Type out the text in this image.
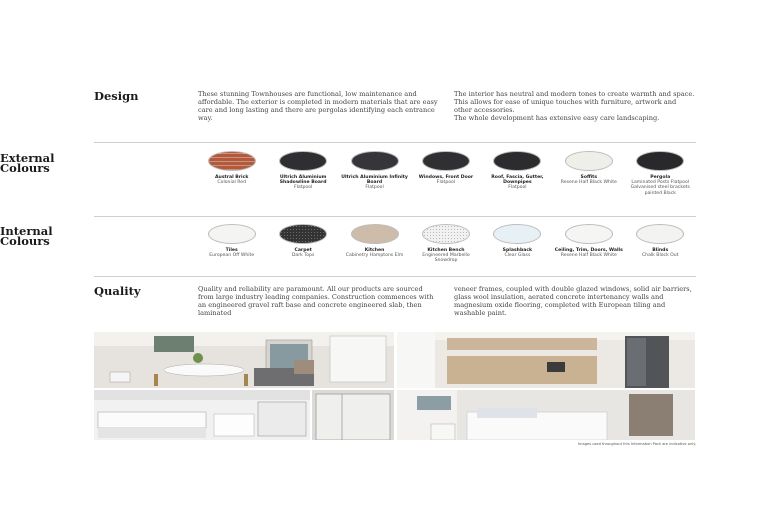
Design	These stunning Townhouses are functional, low maintenance and affordable. The exterior is completed in modern materials that are easy care and long lasting and there are pergolas identifying each entrance way.
The interior has neutral and modern tones to create warmth and space. This allows for ease of unique touches with furniture, artwork and other accessories.
The whole development has extensive easy care landscaping.
External
Colours
Austral Brick
Colonial Red
Ultrich Aluminium Shadowline Board
Flatpool
Ultrich Aluminium Infinity Board
Flatpool
Windows, Front Door
Flatpool
Roof, Fascia, Gutter, Downpipes
Flatpool
Soffits
Resene Half Black White
Pergola
Laminated Posts Flatpool Galvanised steel brackets painted Black
Internal
Colours
Tiles
European Off White
Carpet
Dark Tops
Kitchen
Cabinetry Hamptons Elm
Kitchen Bench
Engineered Marbello Snowdrop
Splashback
Clear Glass
Ceiling, Trim, Doors, Walls
Resene Half Black White
Blinds
Chalk Block Out
Quality	Quality and reliability are paramount. All our products are sourced from large industry leading companies. Construction commences with an engineered gravel raft base and concrete engineered slab, then laminated
veneer frames, coupled with double glazed windows, solid air barriers, glass wool insulation, aerated concrete intertenancy walls and magnesium oxide flooring, completed with European tiling and washable paint.
Images used throughout this Information Pack are indicative only.
